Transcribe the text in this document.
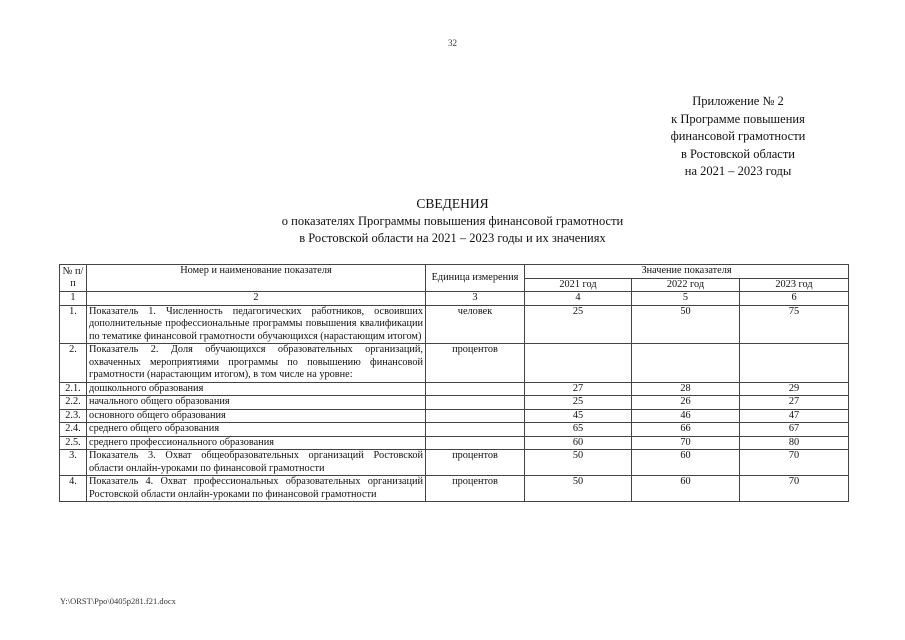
32
Приложение № 2
к Программе повышения
финансовой грамотности
в Ростовской области
на 2021 – 2023 годы
СВЕДЕНИЯ
о показателях Программы повышения финансовой грамотности
в Ростовской области на 2021 – 2023 годы и их значениях
№ п/п	Номер и наименование показателя	Единица измерения	Значение показателя		
			2021 год	2022 год	2023 год
1	2	3	4	5	6
1.	Показатель 1. Численность педагогических работников, освоивших дополнительные профессиональные программы повышения квалификации по тематике финансовой грамотности обучающихся (нарастающим итогом)	человек	25	50	75
2.	Показатель 2. Доля обучающихся образовательных организаций, охваченных мероприятиями программы по повышению финансовой грамотности (нарастающим итогом), в том числе на уровне:	процентов			
2.1.	дошкольного образования		27	28	29
2.2.	начального общего образования		25	26	27
2.3.	основного общего образования		45	46	47
2.4.	среднего общего образования		65	66	67
2.5.	среднего профессионального образования		60	70	80
3.	Показатель 3. Охват общеобразовательных организаций Ростовской области онлайн-уроками по финансовой грамотности	процентов	50	60	70
4.	Показатель 4. Охват профессиональных образовательных организаций Ростовской области онлайн-уроками по финансовой грамотности	процентов	50	60	70
Y:\ORST\Ppo\0405p281.f21.docx
